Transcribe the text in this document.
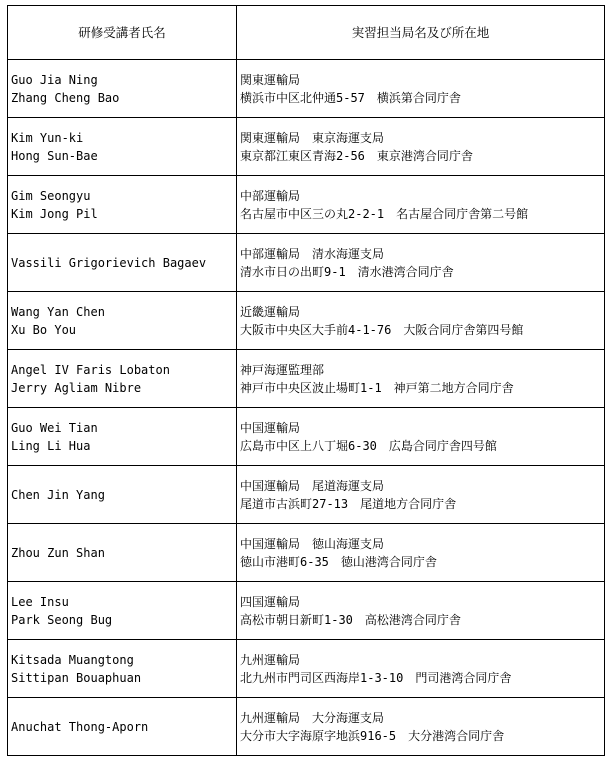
研修受講者氏名	実習担当局名及び所在地

Guo Jia Ning
Zhang Cheng Bao	関東運輸局
横浜市中区北仲通5-57　横浜第合同庁舎

Kim Yun-ki
Hong Sun-Bae	関東運輸局　東京海運支局
東京都江東区青海2-56　東京港湾合同庁舎

Gim Seongyu
Kim Jong Pil	中部運輸局
名古屋市中区三の丸2-2-1　名古屋合同庁舎第二号館

Vassili Grigorievich Bagaev	中部運輸局　清水海運支局
清水市日の出町9-1　清水港湾合同庁舎

Wang Yan Chen
Xu Bo You	近畿運輸局
大阪市中央区大手前4-1-76　大阪合同庁舎第四号館

Angel IV Faris Lobaton
Jerry Agliam Nibre	神戸海運監理部
神戸市中央区波止場町1-1　神戸第二地方合同庁舎

Guo Wei Tian
Ling Li Hua	中国運輸局
広島市中区上八丁堀6-30　広島合同庁舎四号館

Chen Jin Yang	中国運輸局　尾道海運支局
尾道市古浜町27-13　尾道地方合同庁舎

Zhou Zun Shan	中国運輸局　徳山海運支局
徳山市港町6-35　徳山港湾合同庁舎

Lee Insu
Park Seong Bug	四国運輸局
高松市朝日新町1-30　高松港湾合同庁舎

Kitsada Muangtong
Sittipan Bouaphuan	九州運輸局
北九州市門司区西海岸1-3-10　門司港湾合同庁舎

Anuchat Thong-Aporn	九州運輸局　大分海運支局
大分市大字海原字地浜916-5　大分港湾合同庁舎
